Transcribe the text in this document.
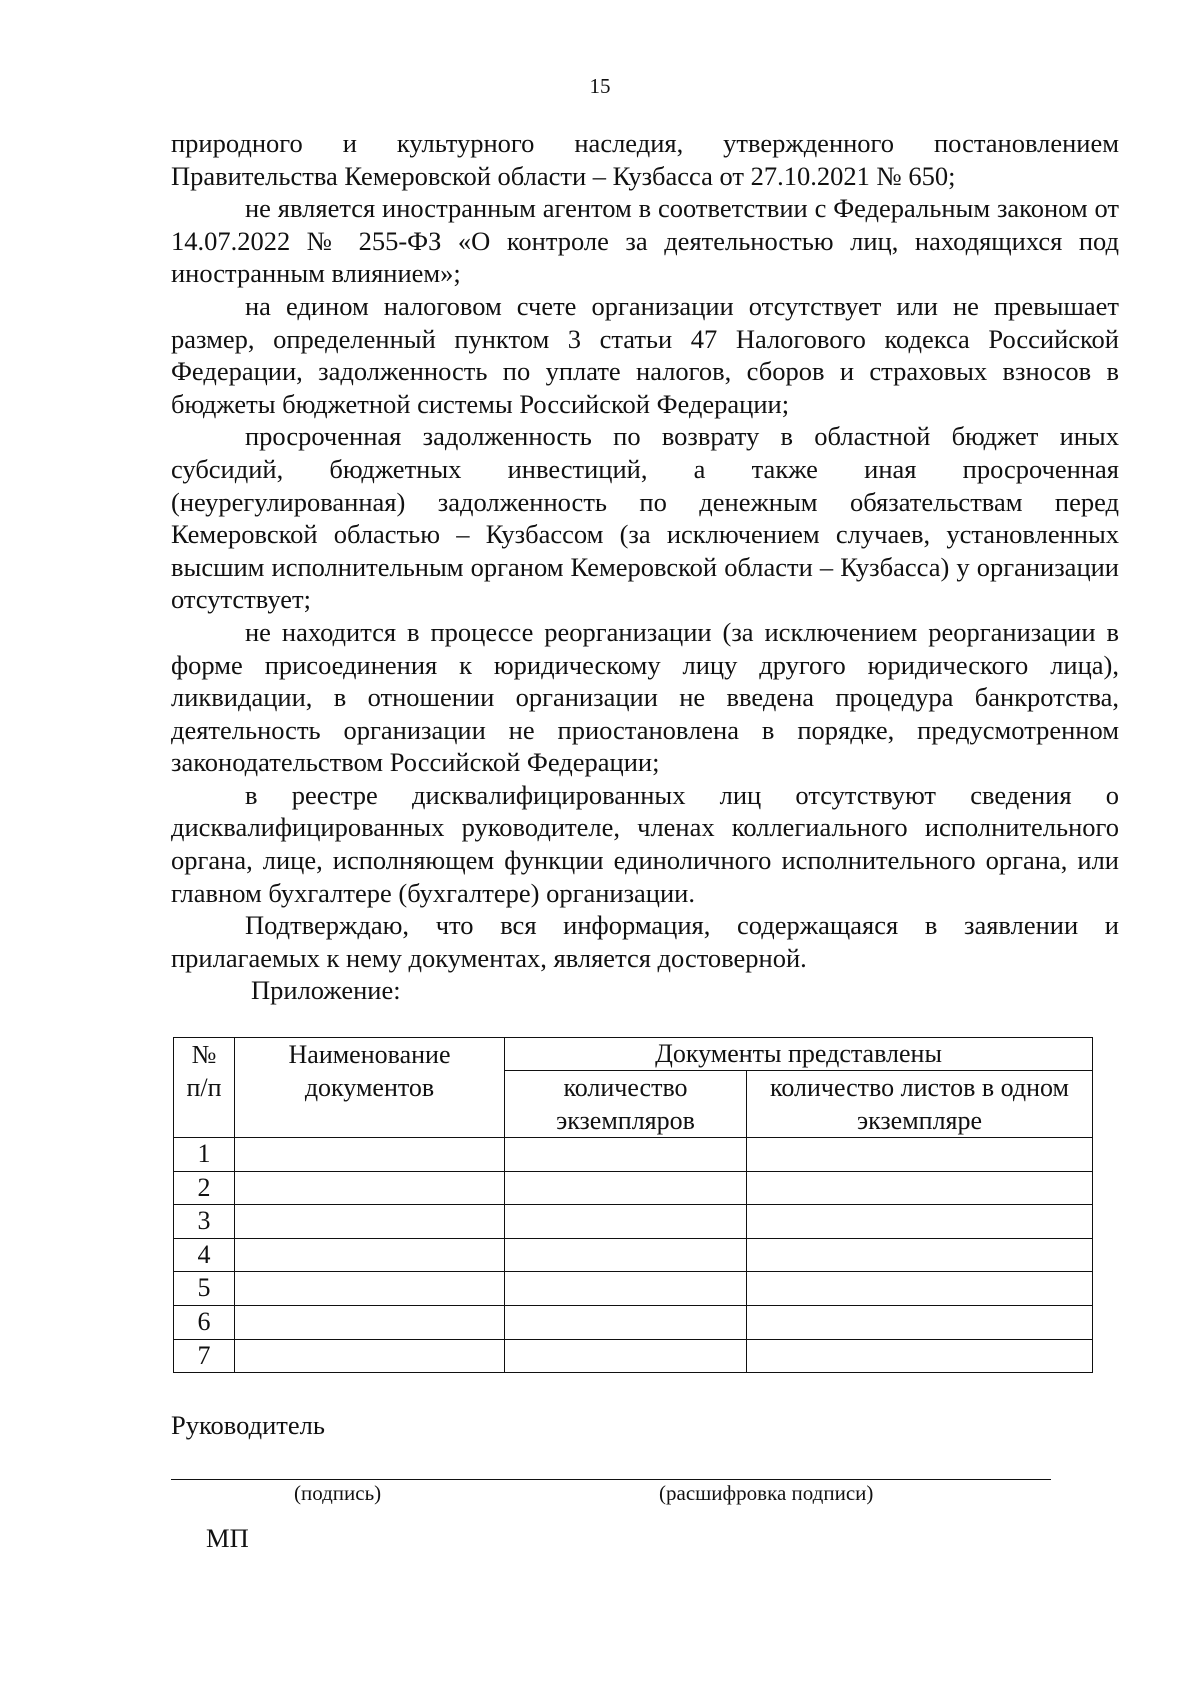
15

природного и культурного наследия, утвержденного постановлением Правительства Кемеровской области – Кузбасса от 27.10.2021 № 650;

не является иностранным агентом в соответствии с Федеральным законом от 14.07.2022 № 255-ФЗ «О контроле за деятельностью лиц, находящихся под иностранным влиянием»;

на едином налоговом счете организации отсутствует или не превышает размер, определенный пунктом 3 статьи 47 Налогового кодекса Российской Федерации, задолженность по уплате налогов, сборов и страховых взносов в бюджеты бюджетной системы Российской Федерации;

просроченная задолженность по возврату в областной бюджет иных субсидий, бюджетных инвестиций, а также иная просроченная (неурегулированная) задолженность по денежным обязательствам перед Кемеровской областью – Кузбассом (за исключением случаев, установленных высшим исполнительным органом Кемеровской области – Кузбасса) у организации отсутствует;

не находится в процессе реорганизации (за исключением реорганизации в форме присоединения к юридическому лицу другого юридического лица), ликвидации, в отношении организации не введена процедура банкротства, деятельность организации не приостановлена в порядке, предусмотренном законодательством Российской Федерации;

в реестре дисквалифицированных лиц отсутствуют сведения о дисквалифицированных руководителе, членах коллегиального исполнительного органа, лице, исполняющем функции единоличного исполнительного органа, или главном бухгалтере (бухгалтере) организации.

Подтверждаю, что вся информация, содержащаяся в заявлении и прилагаемых к нему документах, является достоверной.

Приложение:

№ п/п	Наименование документов	Документы представлены	
		количество экземпляров	количество листов в одном экземпляре
1			
2			
3			
4			
5			
6			
7			
Руководитель
(подпись)	(расшифровка подписи)
МП
